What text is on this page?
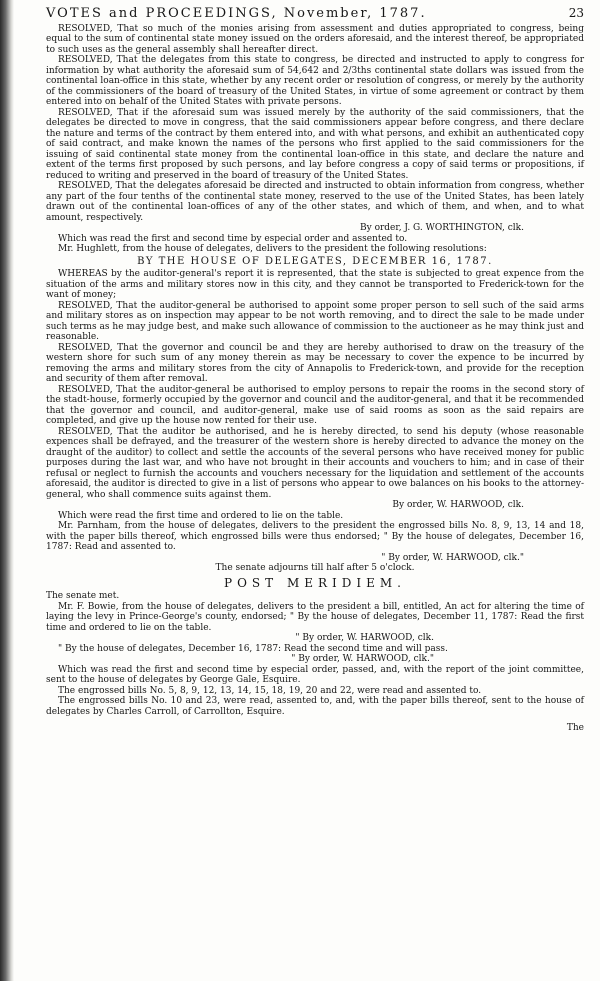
VOTES and PROCEEDINGS, November, 1787.	23

RESOLVED, That so much of the monies arising from assessment and duties appropriated to congress, being equal to the sum of continental state money issued on the orders aforesaid, and the interest thereof, be appropriated to such uses as the general assembly shall hereafter direct.

RESOLVED, That the delegates from this state to congress, be directed and instructed to apply to congress for information by what authority the aforesaid sum of 54,642 and 2/3ths continental state dollars was issued from the continental loan-office in this state, whether by any recent order or resolution of congress, or merely by the authority of the commissioners of the board of treasury of the United States, in virtue of some agreement or contract by them entered into on behalf of the United States with private persons.

RESOLVED, That if the aforesaid sum was issued merely by the authority of the said commissioners, that the delegates be directed to move in congress, that the said commissioners appear before congress, and there declare the nature and terms of the contract by them entered into, and with what persons, and exhibit an authenticated copy of said contract, and make known the names of the persons who first applied to the said commissioners for the issuing of said continental state money from the continental loan-office in this state, and declare the nature and extent of the terms first proposed by such persons, and lay before congress a copy of said terms or propositions, if reduced to writing and preserved in the board of treasury of the United States.

RESOLVED, That the delegates aforesaid be directed and instructed to obtain information from congress, whether any part of the four tenths of the continental state money, reserved to the use of the United States, has been lately drawn out of the continental loan-offices of any of the other states, and which of them, and when, and to what amount, respectively.

By order, J. G. WORTHINGTON, clk.

Which was read the first and second time by especial order and assented to.

Mr. Hughlett, from the house of delegates, delivers to the president the following resolutions:

BY THE HOUSE OF DELEGATES, DECEMBER 16, 1787.

WHEREAS by the auditor-general's report it is represented, that the state is subjected to great expence from the situation of the arms and military stores now in this city, and they cannot be transported to Frederick-town for the want of money;

RESOLVED, That the auditor-general be authorised to appoint some proper person to sell such of the said arms and military stores as on inspection may appear to be not worth removing, and to direct the sale to be made under such terms as he may judge best, and make such allowance of commission to the auctioneer as he may think just and reasonable.

RESOLVED, That the governor and council be and they are hereby authorised to draw on the treasury of the western shore for such sum of any money therein as may be necessary to cover the expence to be incurred by removing the arms and military stores from the city of Annapolis to Frederick-town, and provide for the reception and security of them after removal.

RESOLVED, That the auditor-general be authorised to employ persons to repair the rooms in the second story of the stadt-house, formerly occupied by the governor and council and the auditor-general, and that it be recommended that the governor and council, and auditor-general, make use of said rooms as soon as the said repairs are completed, and give up the house now rented for their use.

RESOLVED, That the auditor be authorised, and he is hereby directed, to send his deputy (whose reasonable expences shall be defrayed, and the treasurer of the western shore is hereby directed to advance the money on the draught of the auditor) to collect and settle the accounts of the several persons who have received money for public purposes during the last war, and who have not brought in their accounts and vouchers to him; and in case of their refusal or neglect to furnish the accounts and vouchers necessary for the liquidation and settlement of the accounts aforesaid, the auditor is directed to give in a list of persons who appear to owe balances on his books to the attorney-general, who shall commence suits against them.

By order, W. HARWOOD, clk.

Which were read the first time and ordered to lie on the table.

Mr. Parnham, from the house of delegates, delivers to the president the engrossed bills No. 8, 9, 13, 14 and 18, with the paper bills thereof, which engrossed bills were thus endorsed; " By the house of delegates, December 16, 1787: Read and assented to.

" By order, W. HARWOOD, clk."

The senate adjourns till half after 5 o'clock.

POST MERIDIEM.

The senate met.

Mr. F. Bowie, from the house of delegates, delivers to the president a bill, entitled, An act for altering the time of laying the levy in Prince-George's county, endorsed; " By the house of delegates, December 11, 1787: Read the first time and ordered to lie on the table.

" By order, W. HARWOOD, clk.

" By the house of delegates, December 16, 1787: Read the second time and will pass.

" By order, W. HARWOOD, clk."

Which was read the first and second time by especial order, passed, and, with the report of the joint committee, sent to the house of delegates by George Gale, Esquire.

The engrossed bills No. 5, 8, 9, 12, 13, 14, 15, 18, 19, 20 and 22, were read and assented to.

The engrossed bills No. 10 and 23, were read, assented to, and, with the paper bills thereof, sent to the house of delegates by Charles Carroll, of Carrollton, Esquire.

The
